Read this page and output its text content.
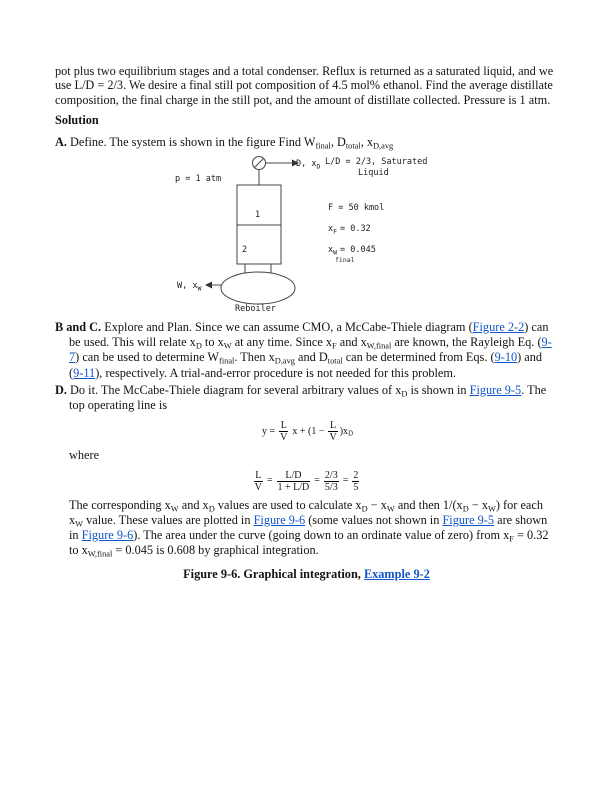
pot plus two equilibrium stages and a total condenser. Reflux is returned as a saturated liquid, and we use L/D = 2/3. We desire a final still pot composition of 4.5 mol% ethanol. Find the average distillate composition, the final charge in the still pot, and the amount of distillate collected. Pressure is 1 atm.

Solution

A. Define. The system is shown in the figure Find $W_{final}$, $D_{total}$, $x_{D,avg}$

p = 1 atm
D, $x_D$ L/D = 2/3, Saturated
Liquid
1
2
F = 50 kmol
$x_F = 0.32$
$x_W = 0.045$
final
W, $x_W$
Reboiler

B and C. Explore and Plan. Since we can assume CMO, a McCabe-Thiele diagram (Figure 2-2) can be used. This will relate $x_D$ to $x_W$ at any time. Since $x_F$ and $x_{W,final}$ are known, the Rayleigh Eq. (9-7) can be used to determine $W_{final}$. Then $x_{D,avg}$ and $D_{total}$ can be determined from Eqs. (9-10) and (9-11), respectively. A trial-and-error procedure is not needed for this problem.

D. Do it. The McCabe-Thiele diagram for several arbitrary values of $x_D$ is shown in Figure 9-5. The top operating line is

$y = \frac{L}{V}$ $x + (1 - \frac{L}{V} )x_D$

where

$\frac{L}{V} = \frac{L/D}{1 + L/D} = \frac{2/3}{5/3} = \frac{2}{5}$

The corresponding $x_W$ and $x_D$ values are used to calculate $x_D - x_W$ and then $1/(x_D - x_W)$ for each $x_W$ value. These values are plotted in Figure 9-6 (some values not shown in Figure 9-5 are shown in Figure 9-6). The area under the curve (going down to an ordinate value of zero) from $x_F = 0.32$ to $x_{W,final} = 0.045$ is 0.608 by graphical integration.

Figure 9-6. Graphical integration, Example 9-2
